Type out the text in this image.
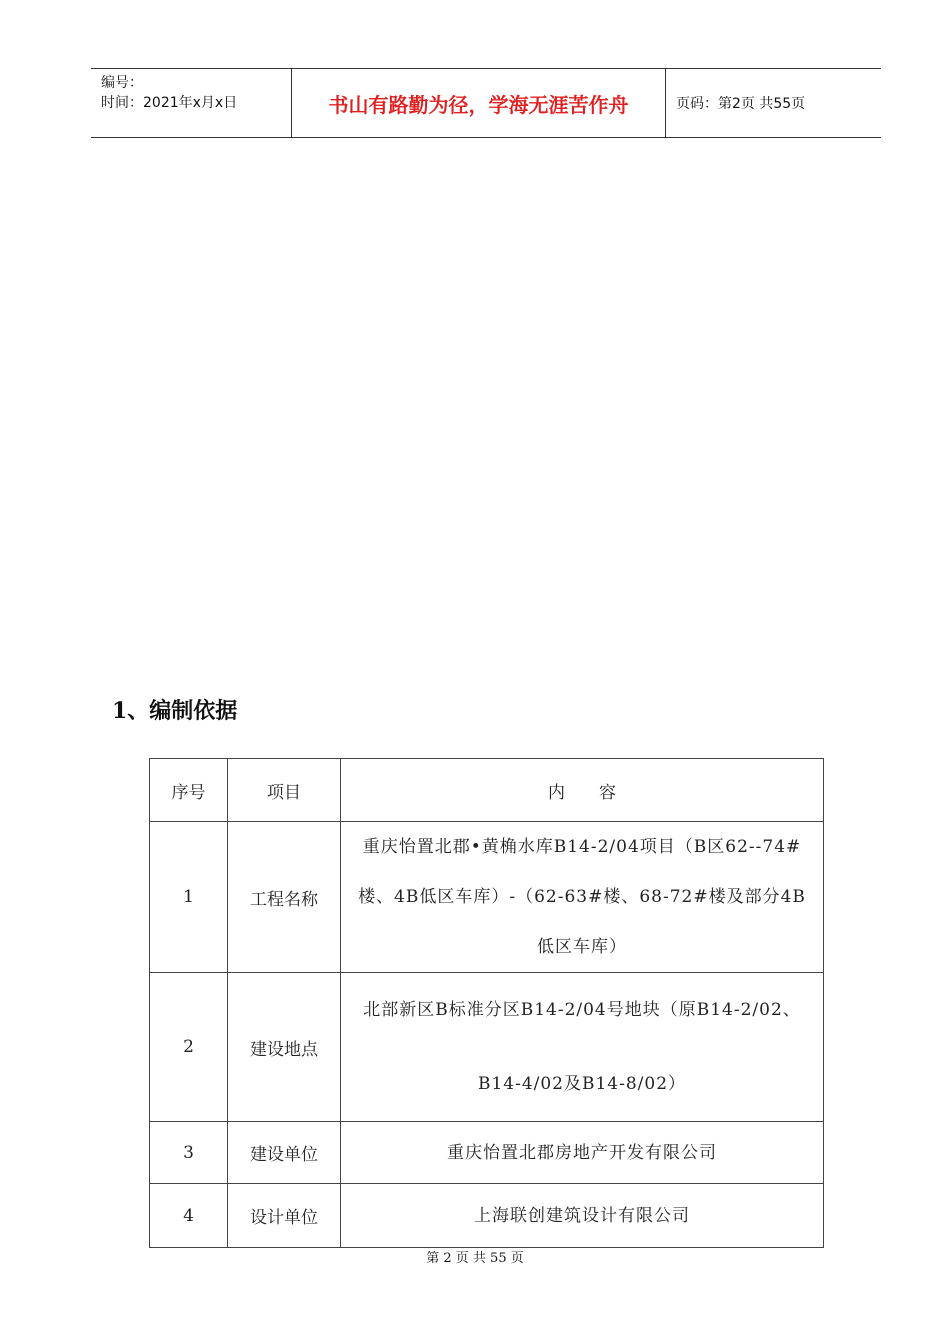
编号：
时间：2021年x月x日	书山有路勤为径，学海无涯苦作舟	页码：第2页 共55页
1、编制依据
序号	项目	内　　容
1	工程名称	重庆怡置北郡•黄桷水库B14-2/04项目（B区62--74#楼、4B低区车库）-（62-63#楼、68-72#楼及部分4B低区车库）
2	建设地点	北部新区B标准分区B14-2/04号地块（原B14-2/02、B14-4/02及B14-8/02）
3	建设单位	重庆怡置北郡房地产开发有限公司
4	设计单位	上海联创建筑设计有限公司
第 2 页 共 55 页
